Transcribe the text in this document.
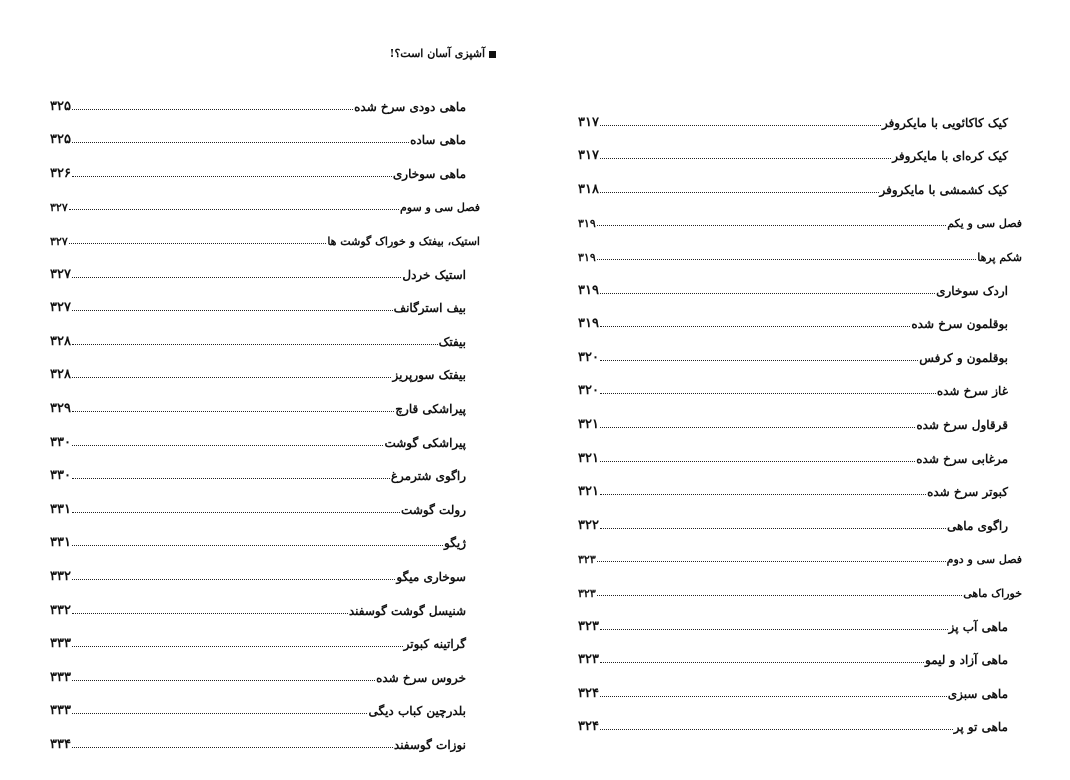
آشپزی آسان است؟!
ماهی دودی سرخ شده
۳۲۵
ماهی ساده
۳۲۵
ماهی سوخاری
۳۲۶
فصل سی و سوم
۳۲۷
استیک، بیفتک و خوراک گوشت ها
۳۲۷
استیک خردل
۳۲۷
بیف استرگانف
۳۲۷
بیفتک
۳۲۸
بیفتک سورپریز
۳۲۸
پیراشکی قارچ
۳۲۹
پیراشکی گوشت
۳۳۰
راگوی شترمرغ
۳۳۰
رولت گوشت
۳۳۱
ژیگو
۳۳۱
سوخاری میگو
۳۳۲
شنیسل گوشت گوسفند
۳۳۲
گراتینه کبوتر
۳۳۳
خروس سرخ شده
۳۳۳
بلدرچین کباب دیگی
۳۳۳
نوزات گوسفند
۳۳۴
کیک کاکائویی با مایکروفر
۳۱۷
کیک کره‌ای با مایکروفر
۳۱۷
کیک کشمشی با مایکروفر
۳۱۸
فصل سی و یکم
۳۱۹
شکم پرها
۳۱۹
اردک سوخاری
۳۱۹
بوقلمون سرخ شده
۳۱۹
بوقلمون و کرفس
۳۲۰
غاز سرخ شده
۳۲۰
قرقاول سرخ شده
۳۲۱
مرغابی سرخ شده
۳۲۱
کبوتر سرخ شده
۳۲۱
راگوی ماهی
۳۲۲
فصل سی و دوم
۳۲۳
خوراک ماهی
۳۲۳
ماهی آب پز
۳۲۳
ماهی آزاد و لیمو
۳۲۳
ماهی سبزی
۳۲۴
ماهی تو پر
۳۲۴
